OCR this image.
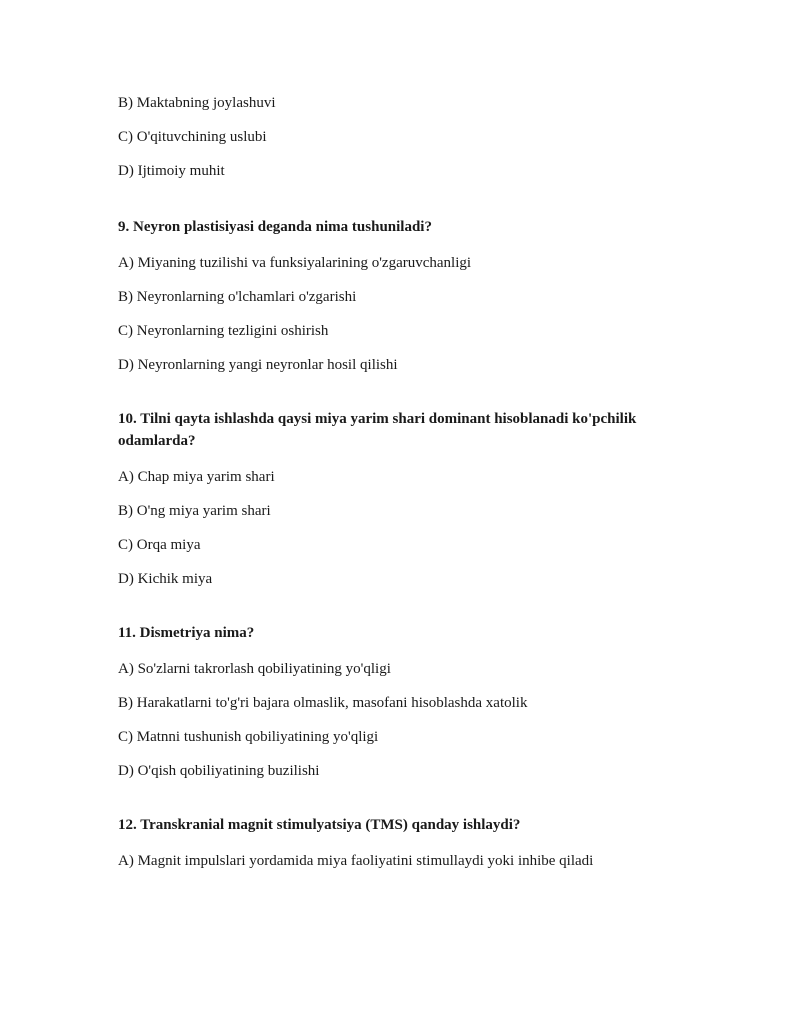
B) Maktabning joylashuvi

C) O'qituvchining uslubi

D) Ijtimoiy muhit

9. Neyron plastisiyasi deganda nima tushuniladi?

A) Miyaning tuzilishi va funksiyalarining o'zgaruvchanligi

B) Neyronlarning o'lchamlari o'zgarishi

C) Neyronlarning tezligini oshirish

D) Neyronlarning yangi neyronlar hosil qilishi

10. Tilni qayta ishlashda qaysi miya yarim shari dominant hisoblanadi ko'pchilik odamlarda?

A) Chap miya yarim shari

B) O'ng miya yarim shari

C) Orqa miya

D) Kichik miya

11. Dismetriya nima?

A) So'zlarni takrorlash qobiliyatining yo'qligi

B) Harakatlarni to'g'ri bajara olmaslik, masofani hisoblashda xatolik

C) Matnni tushunish qobiliyatining yo'qligi

D) O'qish qobiliyatining buzilishi

12. Transkranial magnit stimulyatsiya (TMS) qanday ishlaydi?

A) Magnit impulslari yordamida miya faoliyatini stimullaydi yoki inhibe qiladi
